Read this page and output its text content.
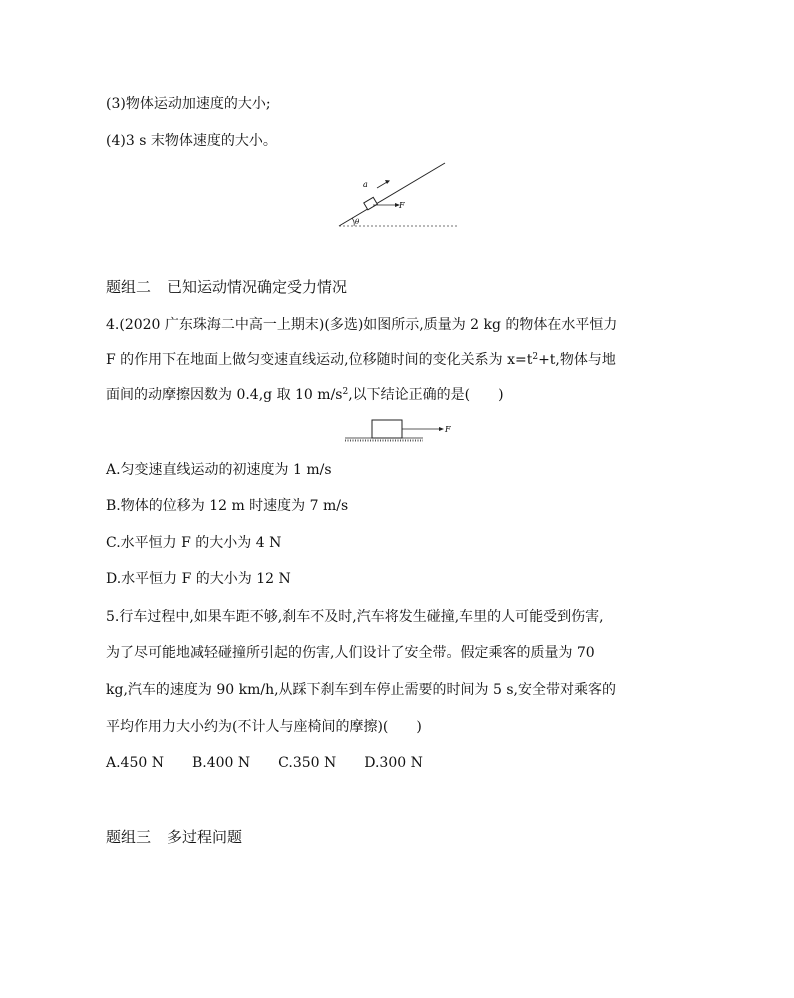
(3)物体运动加速度的大小;
(4)3 s 末物体速度的大小。
F
a
θ
题组二 已知运动情况确定受力情况
4.(2020 广东珠海二中高一上期末)(多选)如图所示,质量为 2 kg 的物体在水平恒力
F 的作用下在地面上做匀变速直线运动,位移随时间的变化关系为 $x=t^2+t$,物体与地
面间的动摩擦因数为 0.4,g 取 10 $m/s^2$,以下结论正确的是(　　)
F
A.匀变速直线运动的初速度为 1 m/s
B.物体的位移为 12 m 时速度为 7 m/s
C.水平恒力 F 的大小为 4 N
D.水平恒力 F 的大小为 12 N
5.行车过程中,如果车距不够,刹车不及时,汽车将发生碰撞,车里的人可能受到伤害,
为了尽可能地减轻碰撞所引起的伤害,人们设计了安全带。假定乘客的质量为 70
kg,汽车的速度为 90 km/h,从踩下刹车到车停止需要的时间为 5 s,安全带对乘客的
平均作用力大小约为(不计人与座椅间的摩擦)(　　)
A.450 N B.400 N C.350 N D.300 N
题组三 多过程问题
